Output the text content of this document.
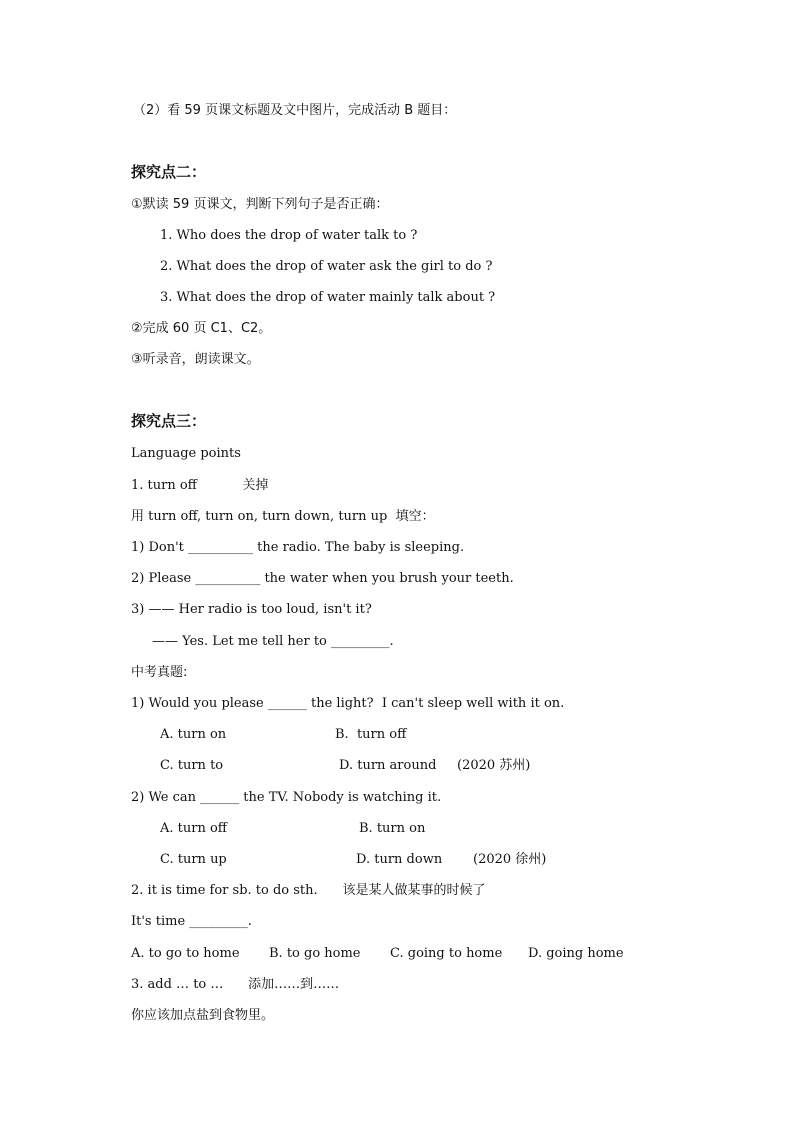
（2）看 59 页课文标题及文中图片，完成活动 B 题目：
探究点二：
①默读 59 页课文，判断下列句子是否正确：
1. Who does the drop of water talk to ?
2. What does the drop of water ask the girl to do ?
3. What does the drop of water mainly talk about ?
②完成 60 页 C1、C2。
③听录音，朗读课文。
探究点三：
Language points
1. turn off           关掉
用 turn off, turn on, turn down, turn up  填空：
1) Don't __________ the radio. The baby is sleeping.
2) Please __________ the water when you brush your teeth.
3) —— Her radio is too loud, isn't it?
—— Yes. Let me tell her to _________.
中考真题:
1) Would you please ______ the light?  I can't sleep well with it on.
A. turn on	B.  turn off
C. turn to	D. turn around (2020 苏州)
2) We can ______ the TV. Nobody is watching it.
A. turn off	B. turn on
C. turn up	D. turn down (2020 徐州)
2. it is time for sb. to do sth.      该是某人做某事的时候了
It's time _________.
A. to go to home B. to go home C. going to home D. going home
3. add … to …      添加……到……
你应该加点盐到食物里。
